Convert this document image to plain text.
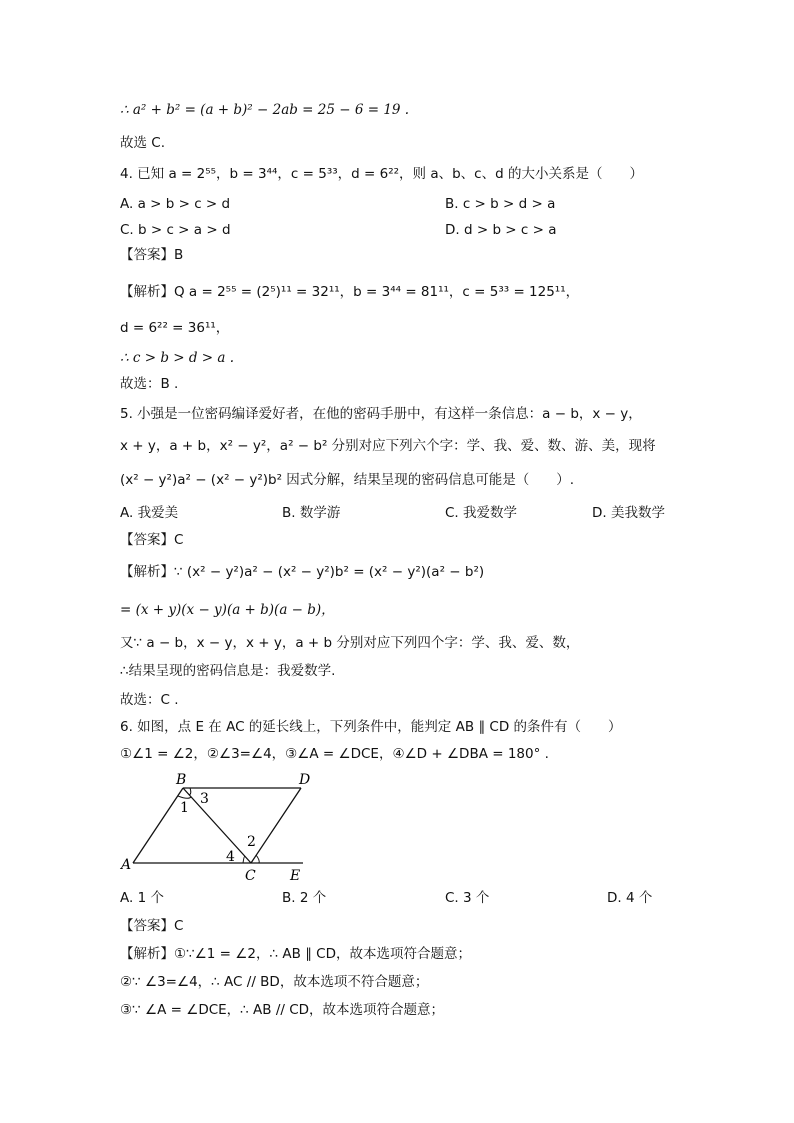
∴ a² + b² = (a + b)² − 2ab = 25 − 6 = 19 .
故选 C.
4. 已知 a = 2⁵⁵，b = 3⁴⁴，c = 5³³，d = 6²²，则 a、b、c、d 的大小关系是（　　）
A. a > b > c > d	B. c > b > d > a
C. b > c > a > d	D. d > b > c > a
【答案】B
【解析】Q a = 2⁵⁵ = (2⁵)¹¹ = 32¹¹，b = 3⁴⁴ = 81¹¹，c = 5³³ = 125¹¹，
d = 6²² = 36¹¹，
∴ c > b > d > a .
故选：B .
5. 小强是一位密码编译爱好者，在他的密码手册中，有这样一条信息：a − b，x − y，
x + y，a + b，x² − y²，a² − b² 分别对应下列六个字：学、我、爱、数、游、美，现将
(x² − y²)a² − (x² − y²)b² 因式分解，结果呈现的密码信息可能是（　　）.
A. 我爱美	B. 数学游	C. 我爱数学	D. 美我数学
【答案】C
【解析】∵ (x² − y²)a² − (x² − y²)b² = (x² − y²)(a² − b²)
= (x + y)(x − y)(a + b)(a − b)，
又∵ a − b，x − y，x + y，a + b 分别对应下列四个字：学、我、爱、数，
∴结果呈现的密码信息是：我爱数学.
故选：C .
6. 如图，点 E 在 AC 的延长线上，下列条件中，能判定 AB ∥ CD 的条件有（　　）
①∠1 = ∠2，②∠3=∠4，③∠A = ∠DCE，④∠D + ∠DBA = 180° .
B	D
A
C E
1
3
2
4
A. 1 个	B. 2 个	C. 3 个	D. 4 个
【答案】C
【解析】①∵∠1 = ∠2，∴ AB ∥ CD，故本选项符合题意；
②∵ ∠3=∠4，∴ AC // BD，故本选项不符合题意；
③∵ ∠A = ∠DCE，∴ AB // CD，故本选项符合题意；
